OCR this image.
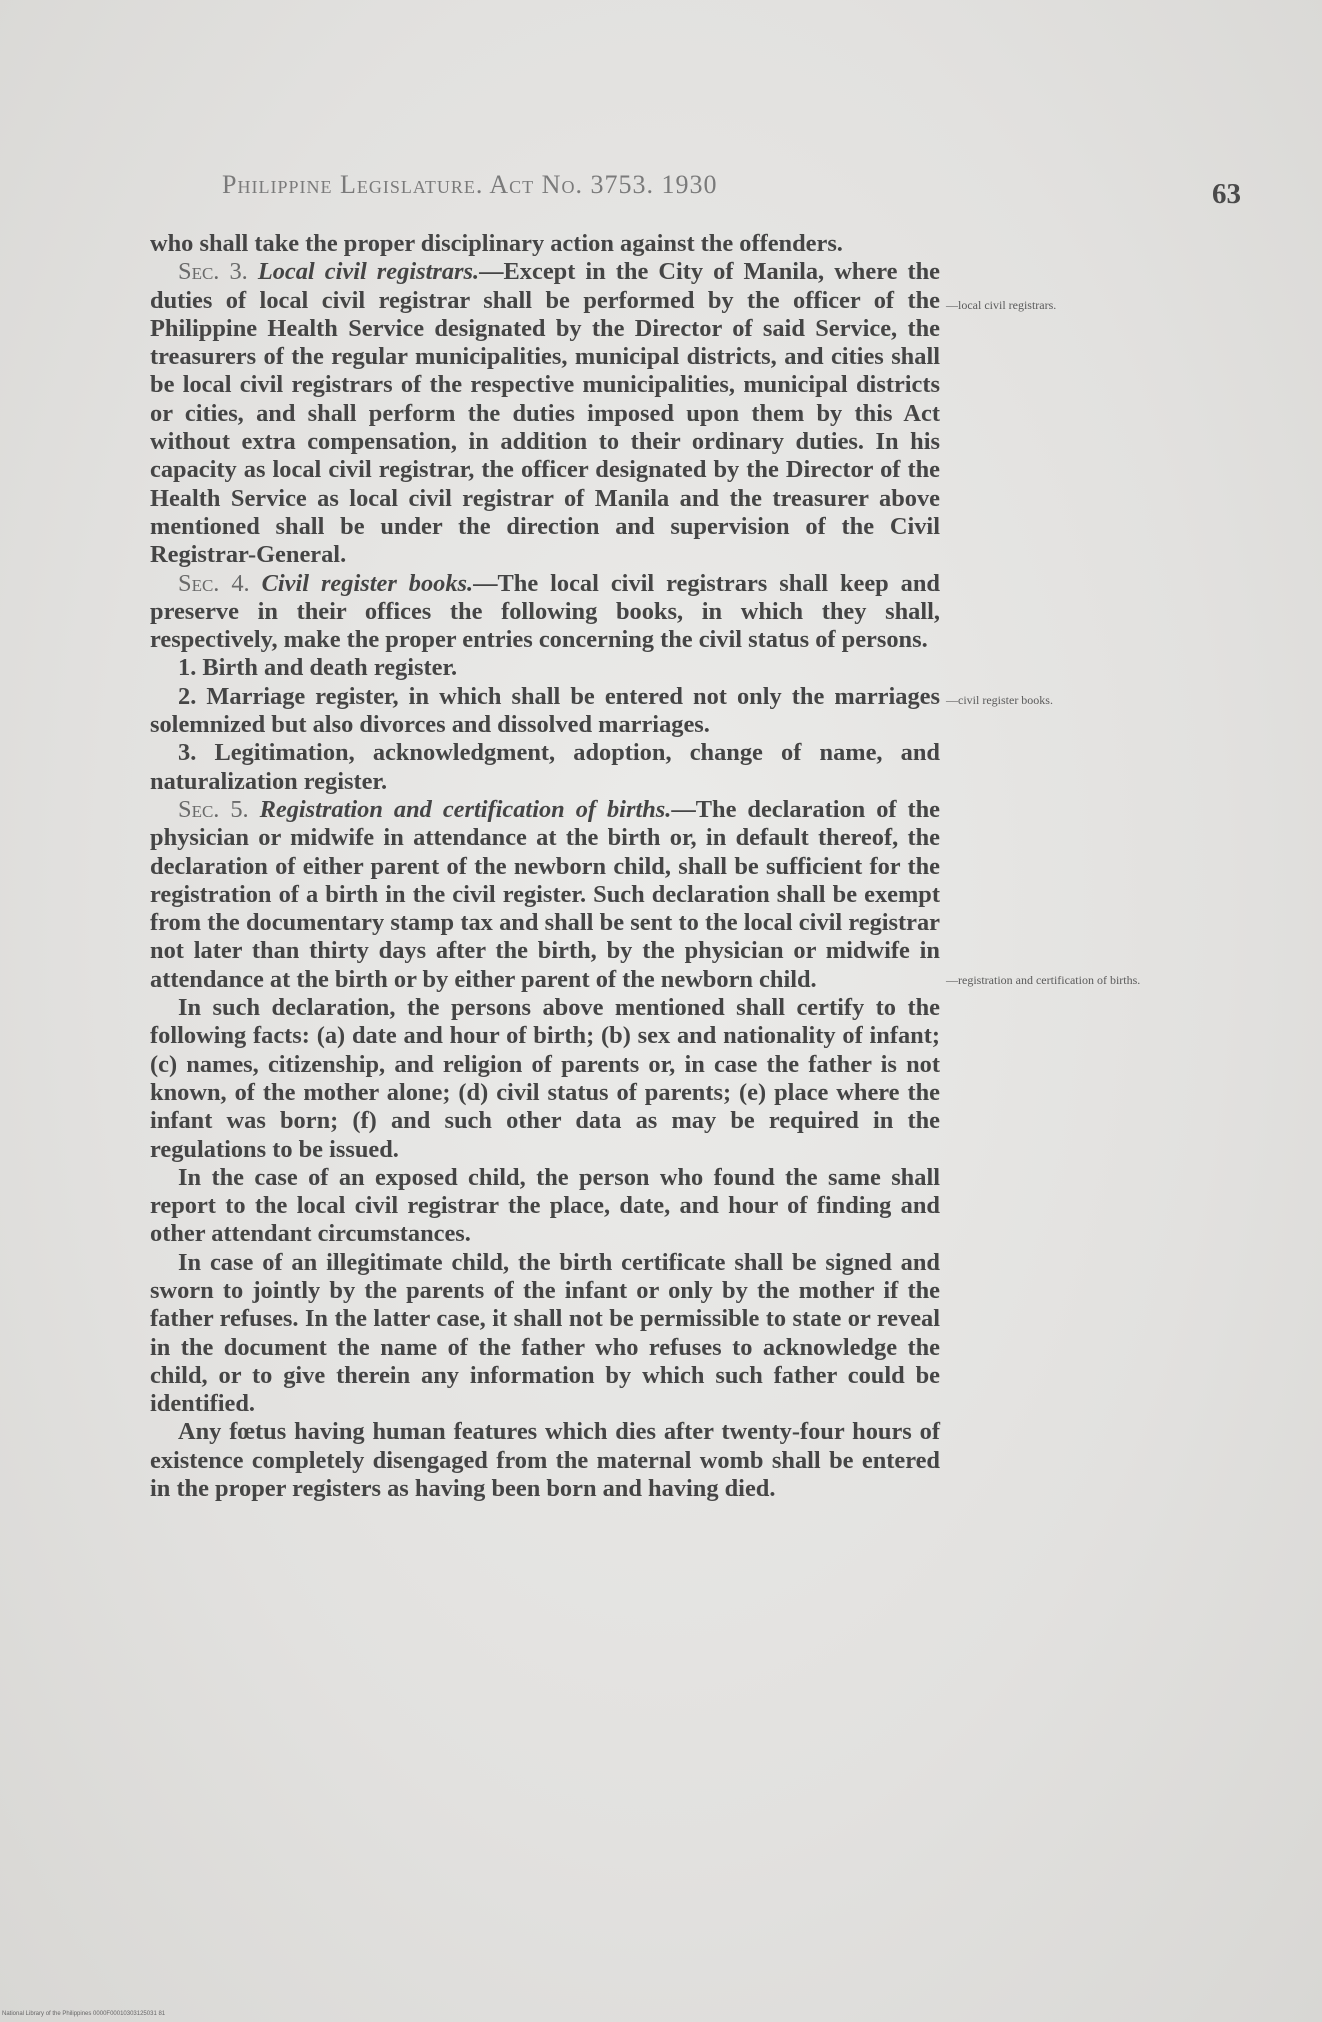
Philippine Legislature. Act No. 3753. 1930	63

who shall take the proper disciplinary action against the offenders.

Sec. 3. Local civil registrars.—Except in the City of Manila, where the duties of local civil registrar shall be performed by the officer of the Philippine Health Service designated by the Director of said Service, the treasurers of the regular municipalities, municipal districts, and cities shall be local civil registrars of the respective municipalities, municipal districts or cities, and shall perform the duties imposed upon them by this Act without extra compensation, in addition to their ordinary duties. In his capacity as local civil registrar, the officer designated by the Director of the Health Service as local civil registrar of Manila and the treasurer above mentioned shall be under the direction and supervision of the Civil Registrar-General.

Sec. 4. Civil register books.—The local civil registrars shall keep and preserve in their offices the following books, in which they shall, respectively, make the proper entries concerning the civil status of persons.

1. Birth and death register.

2. Marriage register, in which shall be entered not only the marriages solemnized but also divorces and dissolved marriages.

3. Legitimation, acknowledgment, adoption, change of name, and naturalization register.

Sec. 5. Registration and certification of births.—The declaration of the physician or midwife in attendance at the birth or, in default thereof, the declaration of either parent of the newborn child, shall be sufficient for the registration of a birth in the civil register. Such declaration shall be exempt from the documentary stamp tax and shall be sent to the local civil registrar not later than thirty days after the birth, by the physician or midwife in attendance at the birth or by either parent of the newborn child.

In such declaration, the persons above mentioned shall certify to the following facts: (a) date and hour of birth; (b) sex and nationality of infant; (c) names, citizenship, and religion of parents or, in case the father is not known, of the mother alone; (d) civil status of parents; (e) place where the infant was born; (f) and such other data as may be required in the regulations to be issued.

In the case of an exposed child, the person who found the same shall report to the local civil registrar the place, date, and hour of finding and other attendant circumstances.

In case of an illegitimate child, the birth certificate shall be signed and sworn to jointly by the parents of the infant or only by the mother if the father refuses. In the latter case, it shall not be permissible to state or reveal in the document the name of the father who refuses to acknowledge the child, or to give therein any information by which such father could be identified.

Any fœtus having human features which dies after twenty-four hours of existence completely disengaged from the maternal womb shall be entered in the proper registers as having been born and having died.

—local civil registrars.
—civil register books.
—registration and certification of births.
National Library of the Philippines 0000F00010303125031 81
